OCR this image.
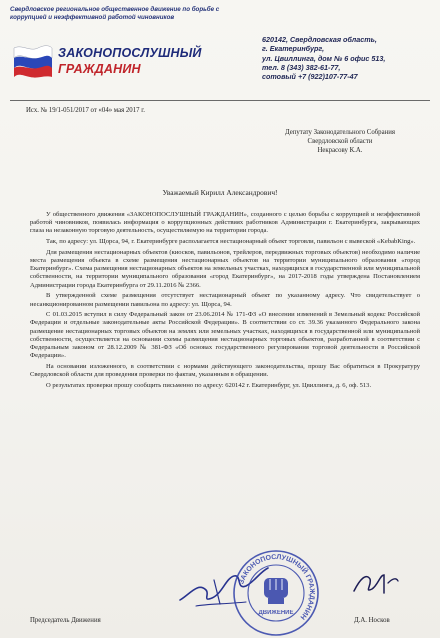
Свердловское региональное общественное движение по борьбе с коррупцией и неэффективной работой чиновников
ЗАКОНОПОСЛУШНЫЙ
ГРАЖДАНИН
620142, Свердловская область,
г. Екатеринбург,
ул. Цвиллинга, дом № 6 офис 513,
тел. 8 (343) 382-61-77,
сотовый +7 (922)107-77-47
Исх. № 19/1-051/2017 от «04» мая 2017 г.
Депутату Законодательного Собрания
Свердловской области
Некрасову К.А.
Уважаемый Кирилл Александрович!

У общественного движения «ЗАКОНОПОСЛУШНЫЙ ГРАЖДАНИН», созданного с целью борьбы с коррупцией и неэффективной работой чиновников, появилась информация о коррупционных действиях работников Администрации г. Екатеринбурга, закрывающих глаза на незаконную торговую деятельность, осуществляемую на территории города.

Так, по адресу: ул. Щорса, 94, г. Екатеринбурге располагается нестационарный объект торговли, павильон с вывеской «KebabKing».

Для размещения нестационарных объектов (киосков, павильонов, трейлеров, передвижных торговых объектов) необходимо наличие места размещения объекта в схеме размещения нестационарных объектов на территории муниципального образования «город Екатеринбург». Схема размещения нестационарных объектов на земельных участках, находящихся в государственной или муниципальной собственности, на территории муниципального образования «город Екатеринбург», на 2017-2018 годы утверждена Постановлением Администрации города Екатеринбурга от 29.11.2016 № 2366.

В утвержденной схеме размещения отсутствует нестационарный объект по указанному адресу. Что свидетельствует о несанкционированном размещении павильона по адресу: ул. Щорса, 94.

С 01.03.2015 вступил в силу Федеральный закон от 23.06.2014 № 171-ФЗ «О внесении изменений в Земельный кодекс Российской Федерации и отдельные законодательные акты Российской Федерации». В соответствии со ст. 39.36 указанного Федерального закона размещение нестационарных торговых объектов на землях или земельных участках, находящихся в государственной или муниципальной собственности, осуществляется на основании схемы размещения нестационарных торговых объектов, разработанной в соответствии с Федеральным законом от 28.12.2009 № 381-ФЗ «Об основах государственного регулирования торговой деятельности в Российской Федерации».

На основании изложенного, в соответствии с нормами действующего законодательства, прошу Вас обратиться в Прокуратуру Свердловской области для проведения проверки по фактам, указанным в обращении.

О результатах проверки прошу сообщить письменно по адресу: 620142 г. Екатеринбург, ул. Цвиллинга, д. 6, оф. 513.

ЗАКОНОПОСЛУШНЫЙ ГРАЖДАНИН
ДВИЖЕНИЕ
Председатель Движения	Д.А. Носков
